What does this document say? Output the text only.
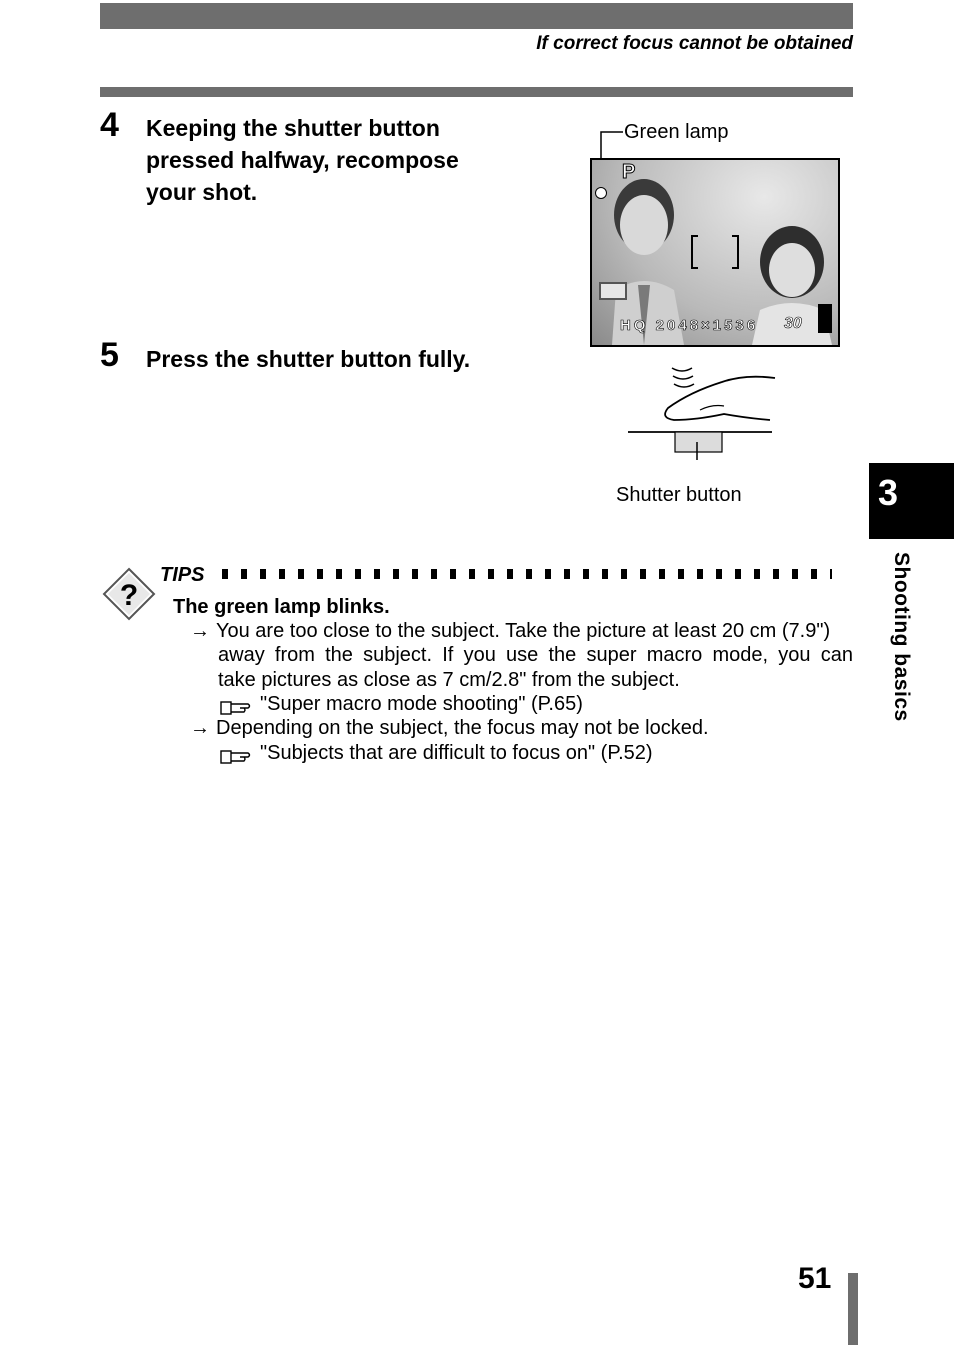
If correct focus cannot be obtained
4 Keeping the shutter button
pressed halfway, recompose
your shot.
5 Press the shutter button fully.
Green lamp
P
HQ 2048×1536 30
Shutter button	3
Shooting basics
?
TIPS
The green lamp blinks.
→ You are too close to the subject. Take the picture at least 20 cm (7.9")
away from the subject. If you use the super macro mode, you can
take pictures as close as 7 cm/2.8" from the subject.
"Super macro mode shooting" (P.65)
→ Depending on the subject, the focus may not be locked.
"Subjects that are difficult to focus on" (P.52)
51
